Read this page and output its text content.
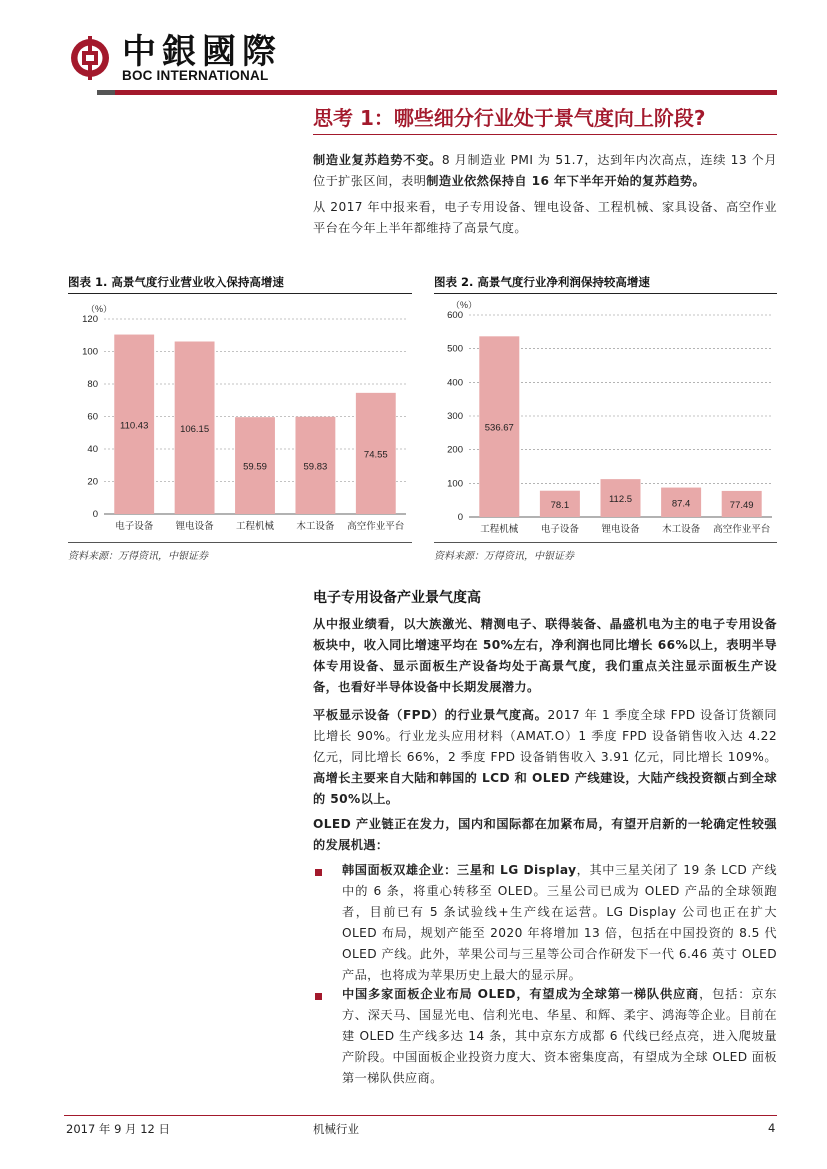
中銀國際
BOC INTERNATIONAL
思考 1：哪些细分行业处于景气度向上阶段?
制造业复苏趋势不变。8 月制造业 PMI 为 51.7，达到年内次高点，连续 13 个月位于扩张区间，表明制造业依然保持自 16 年下半年开始的复苏趋势。
从 2017 年中报来看，电子专用设备、锂电设备、工程机械、家具设备、高空作业平台在今年上半年都维持了高景气度。
图表 1. 高景气度行业营业收入保持高增速
（%）
0
20
40
60
80
100
120
110.43
电子设备
106.15
锂电设备
59.59
工程机械
59.83
木工设备
74.55
高空作业平台
资料来源：万得资讯，中银证券
图表 2. 高景气度行业净利润保持较高增速
（%）
0
100
200
300
400
500
600
536.67
工程机械
78.1
电子设备
112.5
锂电设备
87.4
木工设备
77.49
高空作业平台
资料来源：万得资讯，中银证券
电子专用设备产业景气度高
从中报业绩看，以大族激光、精测电子、联得装备、晶盛机电为主的电子专用设备板块中，收入同比增速平均在 50%左右，净利润也同比增长 66%以上，表明半导体专用设备、显示面板生产设备均处于高景气度，我们重点关注显示面板生产设备，也看好半导体设备中长期发展潜力。
平板显示设备（FPD）的行业景气度高。2017 年 1 季度全球 FPD 设备订货额同比增长 90%。行业龙头应用材料（AMAT.O）1 季度 FPD 设备销售收入达 4.22 亿元，同比增长 66%，2 季度 FPD 设备销售收入 3.91 亿元，同比增长 109%。高增长主要来自大陆和韩国的 LCD 和 OLED 产线建设，大陆产线投资额占到全球的 50%以上。
OLED 产业链正在发力，国内和国际都在加紧布局，有望开启新的一轮确定性较强的发展机遇：
韩国面板双雄企业：三星和 LG Display，其中三星关闭了 19 条 LCD 产线中的 6 条，将重心转移至 OLED。三星公司已成为 OLED 产品的全球领跑者，目前已有 5 条试验线+生产线在运营。LG Display 公司也正在扩大 OLED 布局，规划产能至 2020 年将增加 13 倍，包括在中国投资的 8.5 代 OLED 产线。此外，苹果公司与三星等公司合作研发下一代 6.46 英寸 OLED 产品，也将成为苹果历史上最大的显示屏。
中国多家面板企业布局 OLED，有望成为全球第一梯队供应商，包括：京东方、深天马、国显光电、信利光电、华星、和辉、柔宇、鸿海等企业。目前在建 OLED 生产线多达 14 条，其中京东方成都 6 代线已经点亮，进入爬坡量产阶段。中国面板企业投资力度大、资本密集度高，有望成为全球 OLED 面板第一梯队供应商。
2017 年 9 月 12 日	机械行业	4
